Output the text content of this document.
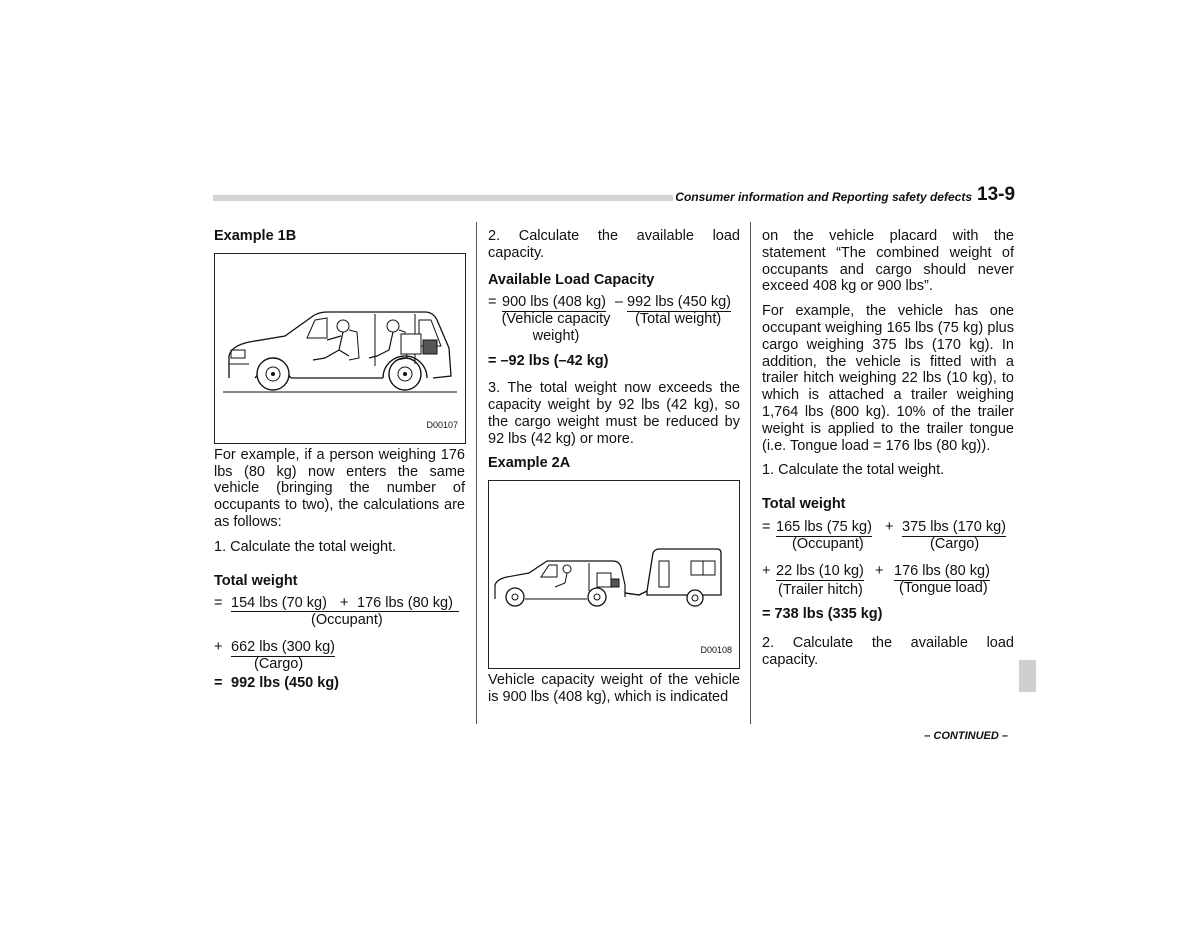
Consumer information and Reporting safety defects 13-9
Example 1B
D00107
For example, if a person weighing 176 lbs (80 kg) now enters the same vehicle (bringing the number of occupants to two), the calculations are as follows:
1. Calculate the total weight.
Total weight
= 154 lbs (70 kg) + 176 lbs (80 kg)
(Occupant)
+ 662 lbs (300 kg)
(Cargo)
= 992 lbs (450 kg)
2. Calculate the available load capacity.
Available Load Capacity
= 900 lbs (408 kg) – 992 lbs (450 kg)
(Vehicle capacity weight)
(Total weight)
= –92 lbs (–42 kg)
3. The total weight now exceeds the capacity weight by 92 lbs (42 kg), so the cargo weight must be reduced by 92 lbs (42 kg) or more.
Example 2A
D00108
Vehicle capacity weight of the vehicle is 900 lbs (408 kg), which is indicated
on the vehicle placard with the statement “The combined weight of occupants and cargo should never exceed 408 kg or 900 lbs”.
For example, the vehicle has one occupant weighing 165 lbs (75 kg) plus cargo weighing 375 lbs (170 kg). In addition, the vehicle is fitted with a trailer hitch weighing 22 lbs (10 kg), to which is attached a trailer weighing 1,764 lbs (800 kg). 10% of the trailer weight is applied to the trailer tongue (i.e. Tongue load = 176 lbs (80 kg)).
1. Calculate the total weight.
Total weight
= 165 lbs (75 kg) + 375 lbs (170 kg)
(Occupant)	(Cargo)
+ 22 lbs (10 kg) + 176 lbs (80 kg)
(Trailer hitch) (Tongue load)
= 738 lbs (335 kg)
2. Calculate the available load capacity.
– CONTINUED –
